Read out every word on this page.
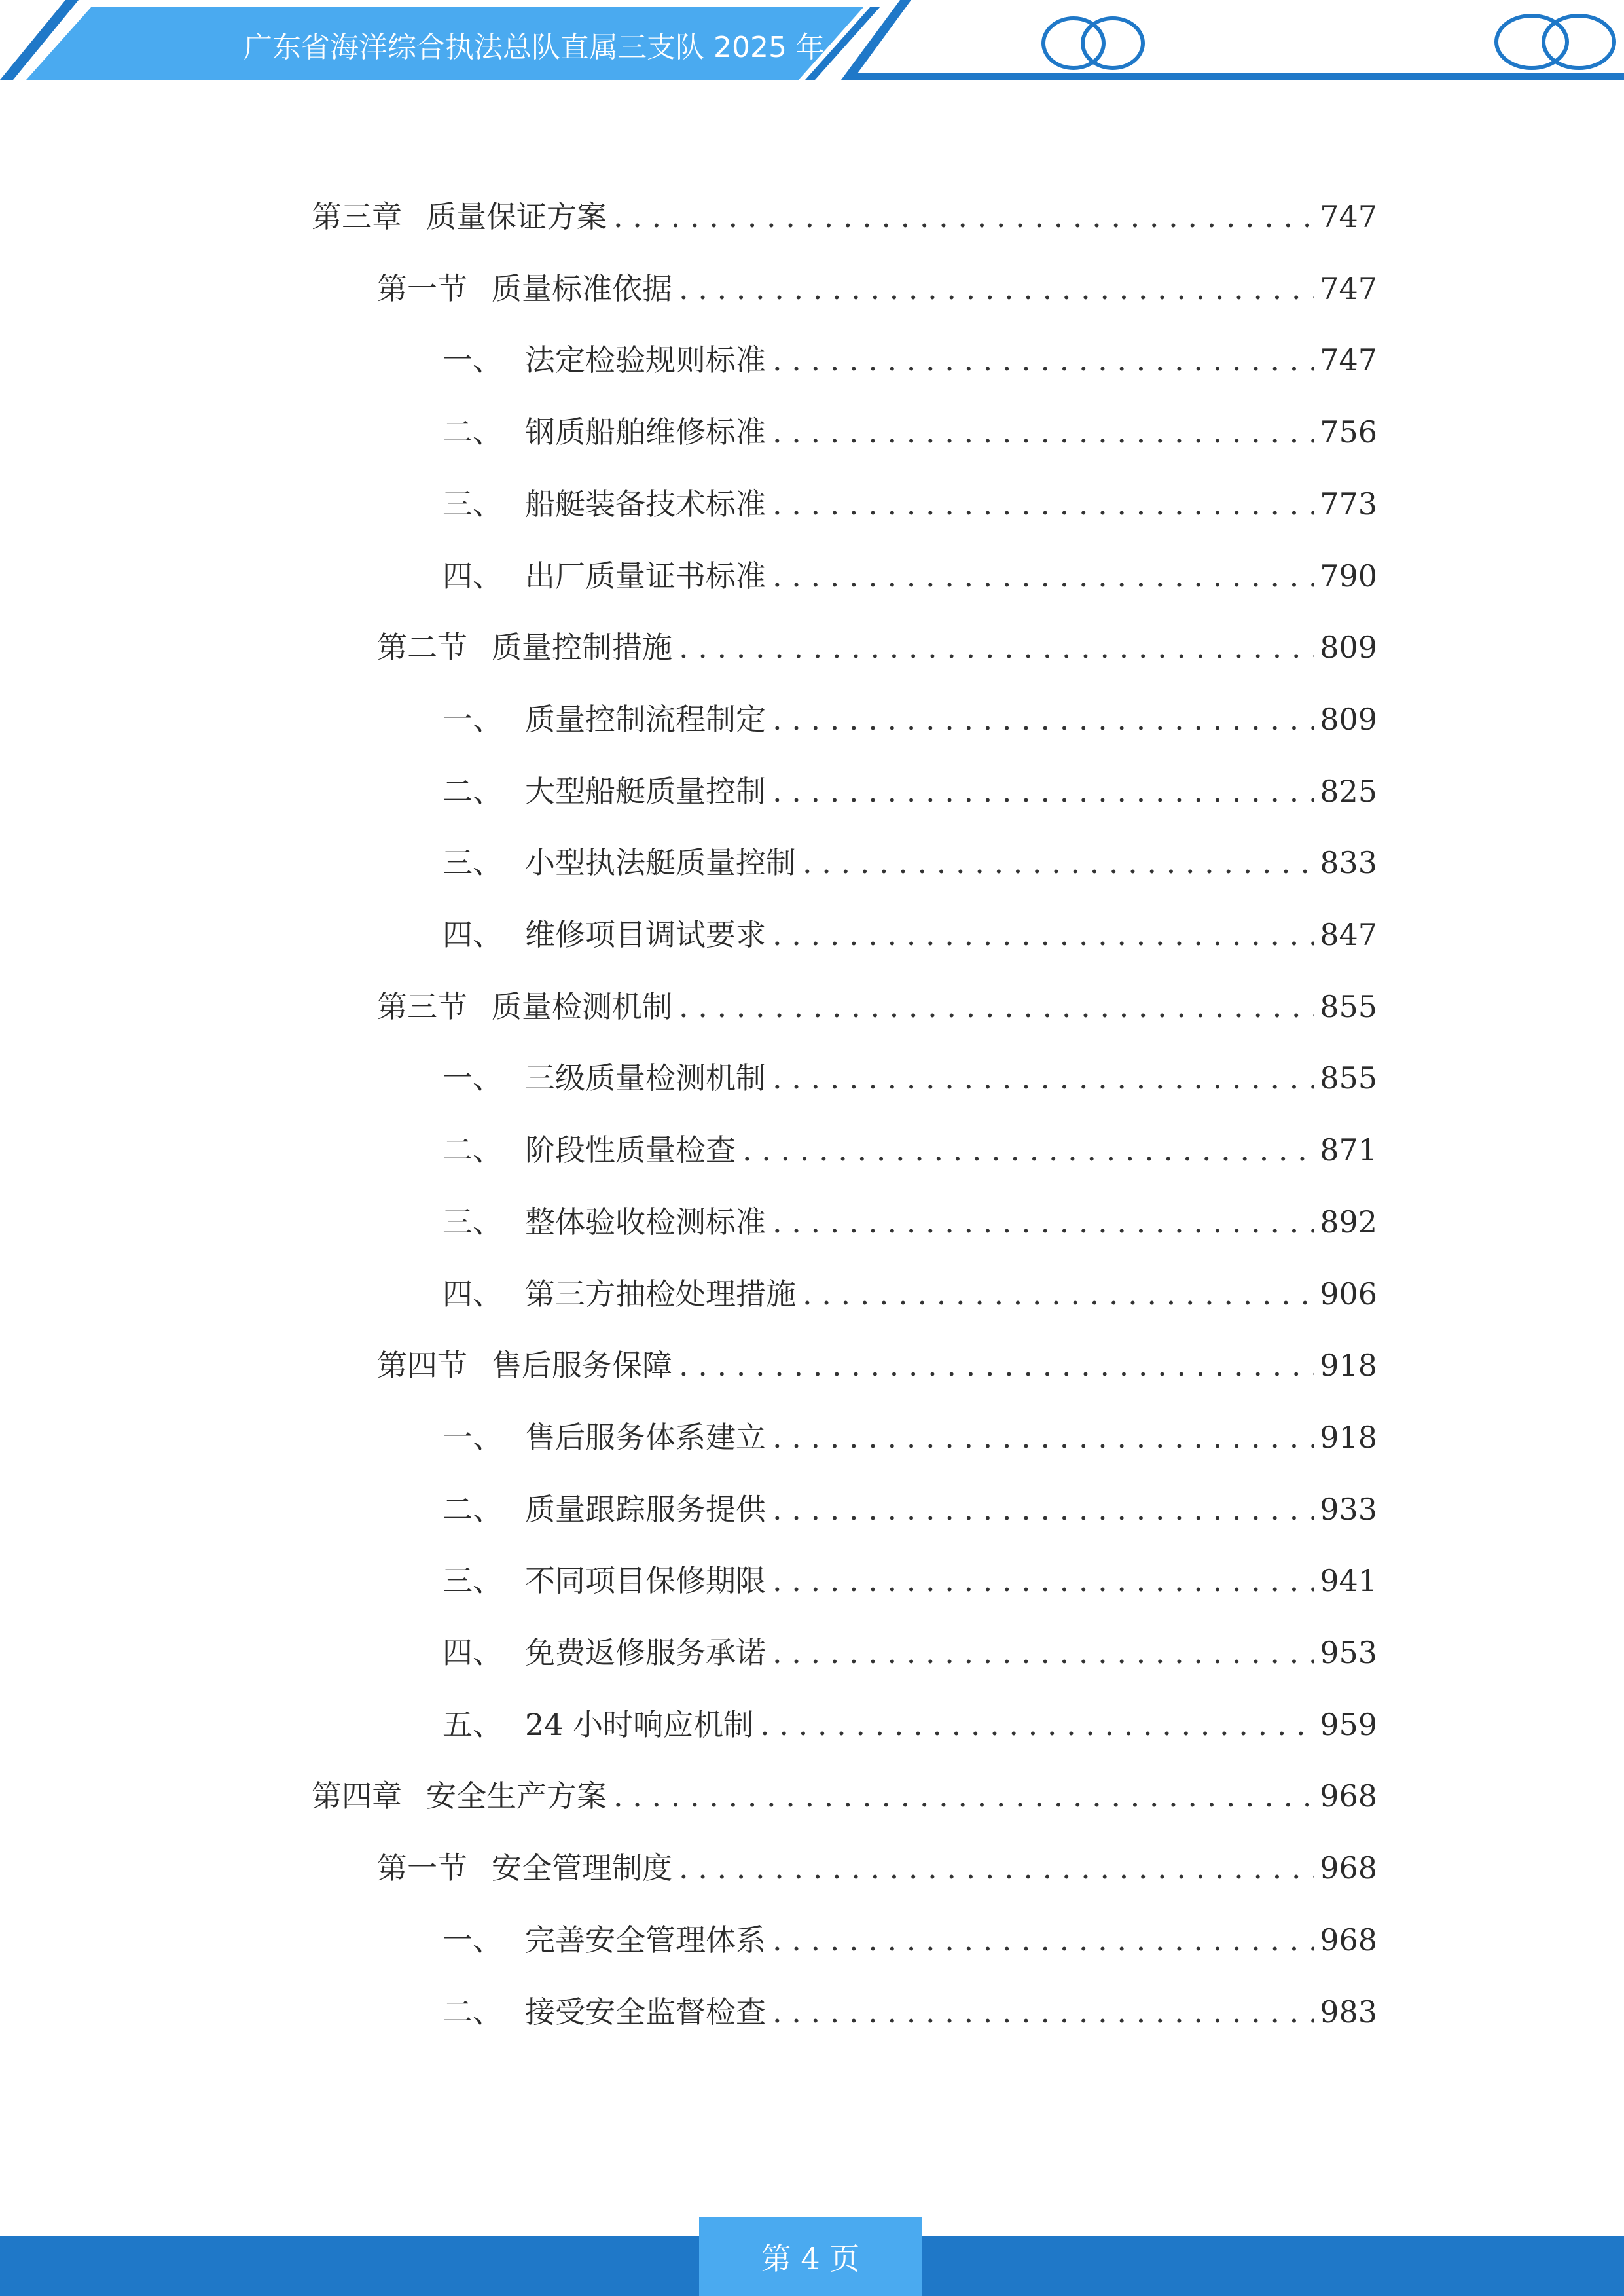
广东省海洋综合执法总队直属三支队 2025 年
第三章 质量保证方案 . . .	747
第一节 质量标准依据 . . .	747
一、 法定检验规则标准 . . .	747
二、 钢质船舶维修标准 . . .	756
三、 船艇装备技术标准 . . .	773
四、 出厂质量证书标准 . . .	790
第二节 质量控制措施 . . .	809
一、 质量控制流程制定 . . .	809
二、 大型船艇质量控制 . . .	825
三、 小型执法艇质量控制 . . .	833
四、 维修项目调试要求 . . .	847
第三节 质量检测机制 . . .	855
一、 三级质量检测机制 . . .	855
二、 阶段性质量检查 . . .	871
三、 整体验收检测标准 . . .	892
四、 第三方抽检处理措施 . . .	906
第四节 售后服务保障 . . .	918
一、 售后服务体系建立 . . .	918
二、 质量跟踪服务提供 . . .	933
三、 不同项目保修期限 . . .	941
四、 免费返修服务承诺 . . .	953
五、 24 小时响应机制 . . .	959
第四章 安全生产方案 . . .	968
第一节 安全管理制度 . . .	968
一、 完善安全管理体系 . . .	968
二、 接受安全监督检查 . . .	983
第 4 页
